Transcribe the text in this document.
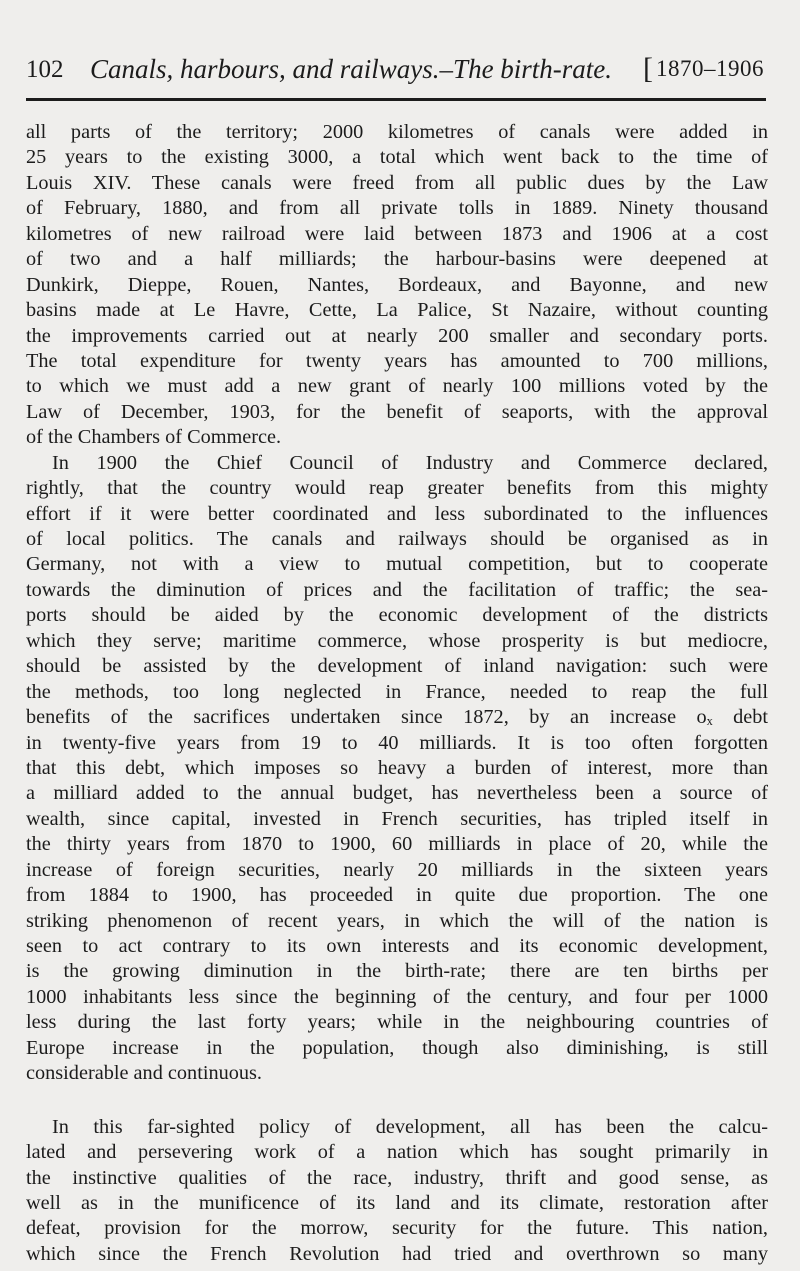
102 Canals, harbours, and railways.–The birth-rate.
[ 1870–1906
all parts of the territory; 2000 kilometres of canals were added in
25 years to the existing 3000, a total which went back to the time of
Louis XIV. These canals were freed from all public dues by the Law
of February, 1880, and from all private tolls in 1889. Ninety thousand
kilometres of new railroad were laid between 1873 and 1906 at a cost
of two and a half milliards; the harbour-basins were deepened at
Dunkirk, Dieppe, Rouen, Nantes, Bordeaux, and Bayonne, and new
basins made at Le Havre, Cette, La Palice, St Nazaire, without counting
the improvements carried out at nearly 200 smaller and secondary ports.
The total expenditure for twenty years has amounted to 700 millions,
to which we must add a new grant of nearly 100 millions voted by the
Law of December, 1903, for the benefit of seaports, with the approval
of the Chambers of Commerce.
In 1900 the Chief Council of Industry and Commerce declared,
rightly, that the country would reap greater benefits from this mighty
effort if it were better coordinated and less subordinated to the influences
of local politics. The canals and railways should be organised as in
Germany, not with a view to mutual competition, but to cooperate
towards the diminution of prices and the facilitation of traffic; the sea-
ports should be aided by the economic development of the districts
which they serve; maritime commerce, whose prosperity is but mediocre,
should be assisted by the development of inland navigation: such were
the methods, too long neglected in France, needed to reap the full
benefits of the sacrifices undertaken since 1872, by an increase oₓ debt
in twenty-five years from 19 to 40 milliards. It is too often forgotten
that this debt, which imposes so heavy a burden of interest, more than
a milliard added to the annual budget, has nevertheless been a source of
wealth, since capital, invested in French securities, has tripled itself in
the thirty years from 1870 to 1900, 60 milliards in place of 20, while the
increase of foreign securities, nearly 20 milliards in the sixteen years
from 1884 to 1900, has proceeded in quite due proportion. The one
striking phenomenon of recent years, in which the will of the nation is
seen to act contrary to its own interests and its economic development,
is the growing diminution in the birth-rate; there are ten births per
1000 inhabitants less since the beginning of the century, and four per 1000
less during the last forty years; while in the neighbouring countries of
Europe increase in the population, though also diminishing, is still
considerable and continuous.
In this far-sighted policy of development, all has been the calcu-
lated and persevering work of a nation which has sought primarily in
the instinctive qualities of the race, industry, thrift and good sense, as
well as in the munificence of its land and its climate, restoration after
defeat, provision for the morrow, security for the future. This nation,
which since the French Revolution had tried and overthrown so many
